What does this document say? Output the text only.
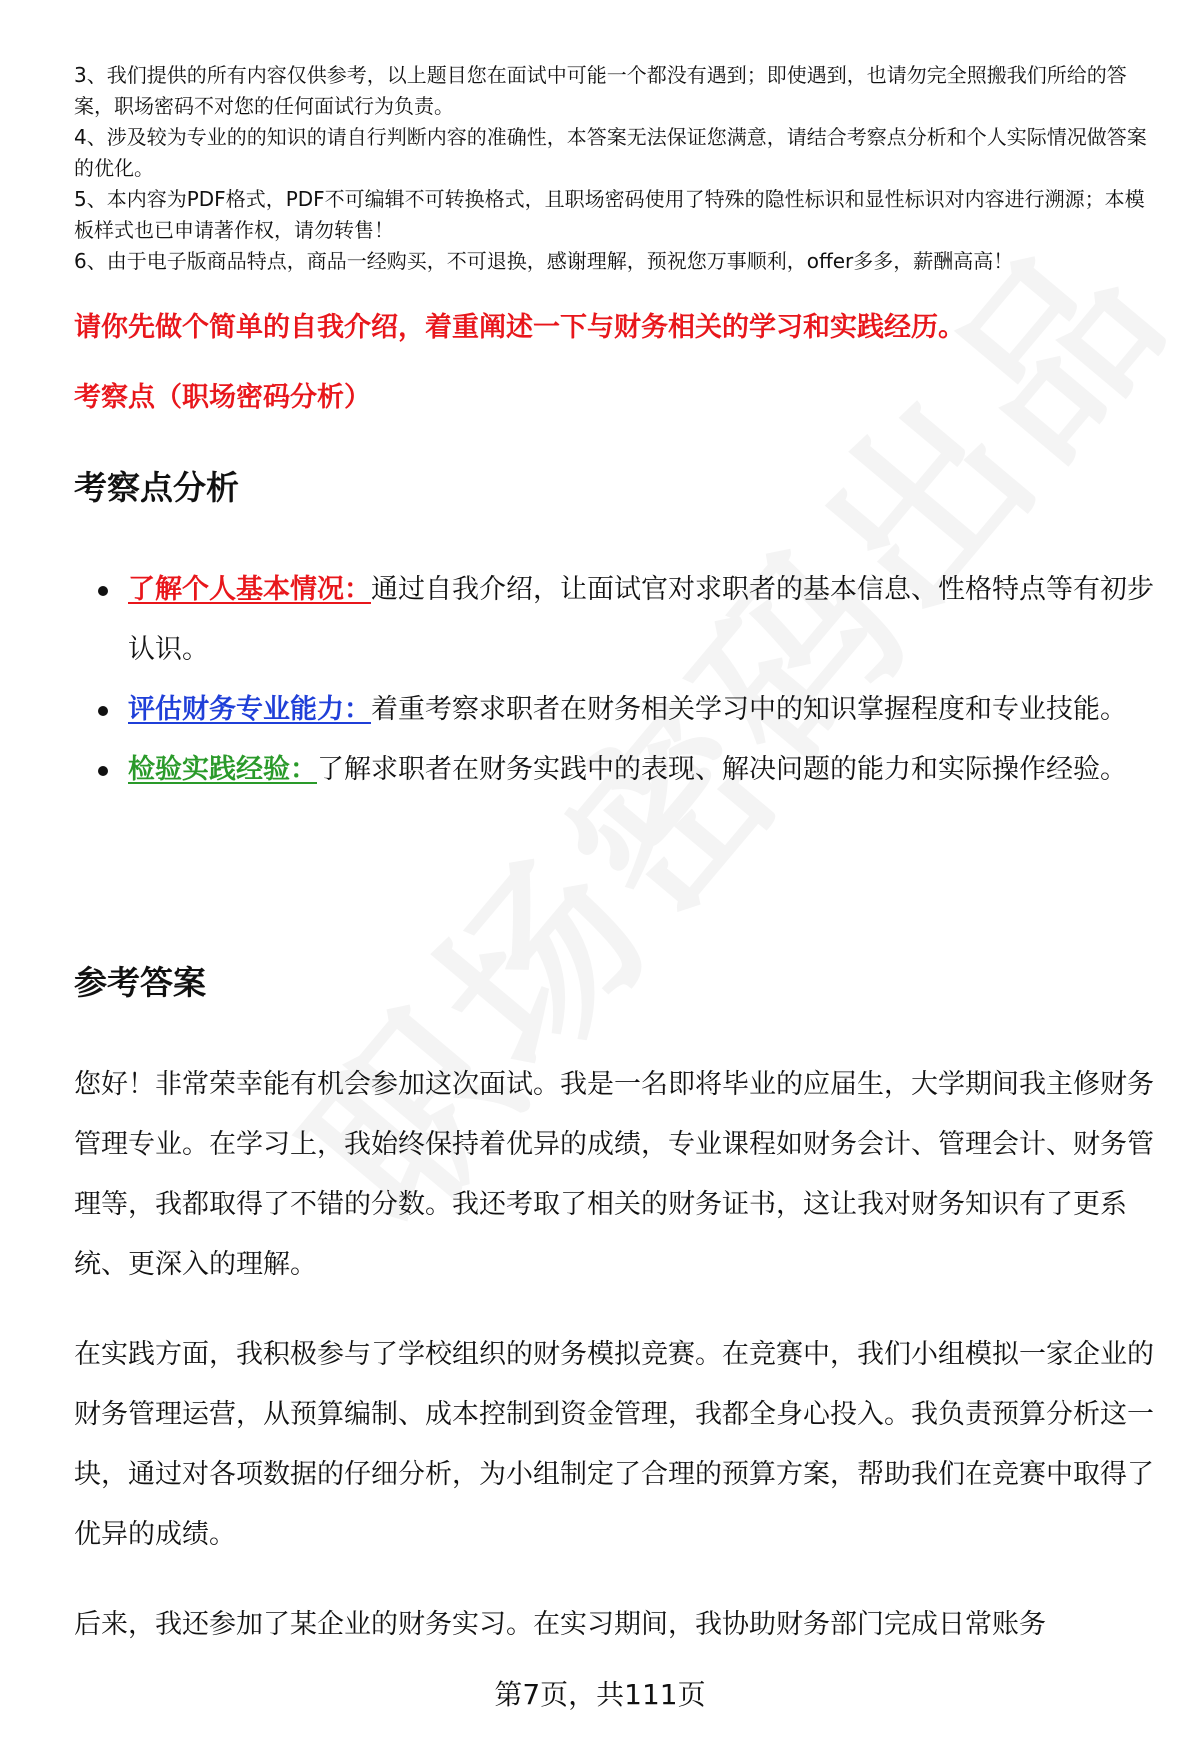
3、我们提供的所有内容仅供参考，以上题目您在面试中可能一个都没有遇到；即使遇到，也请勿完全照搬我们所给的答案，职场密码不对您的任何面试行为负责。

4、涉及较为专业的的知识的请自行判断内容的准确性，本答案无法保证您满意，请结合考察点分析和个人实际情况做答案的优化。

5、本内容为PDF格式，PDF不可编辑不可转换格式，且职场密码使用了特殊的隐性标识和显性标识对内容进行溯源；本模板样式也已申请著作权，请勿转售！

6、由于电子版商品特点，商品一经购买，不可退换，感谢理解，预祝您万事顺利，offer多多，薪酬高高！

请你先做个简单的自我介绍，着重阐述一下与财务相关的学习和实践经历。
考察点（职场密码分析）
考察点分析
了解个人基本情况：通过自我介绍，让面试官对求职者的基本信息、性格特点等有初步认识。
评估财务专业能力：着重考察求职者在财务相关学习中的知识掌握程度和专业技能。
检验实践经验：了解求职者在财务实践中的表现、解决问题的能力和实际操作经验。
参考答案

您好！非常荣幸能有机会参加这次面试。我是一名即将毕业的应届生，大学期间我主修财务管理专业。在学习上，我始终保持着优异的成绩，专业课程如财务会计、管理会计、财务管理等，我都取得了不错的分数。我还考取了相关的财务证书，这让我对财务知识有了更系统、更深入的理解。

在实践方面，我积极参与了学校组织的财务模拟竞赛。在竞赛中，我们小组模拟一家企业的财务管理运营，从预算编制、成本控制到资金管理，我都全身心投入。我负责预算分析这一块，通过对各项数据的仔细分析，为小组制定了合理的预算方案，帮助我们在竞赛中取得了优异的成绩。

后来，我还参加了某企业的财务实习。在实习期间，我协助财务部门完成日常账务

第7页，共111页
